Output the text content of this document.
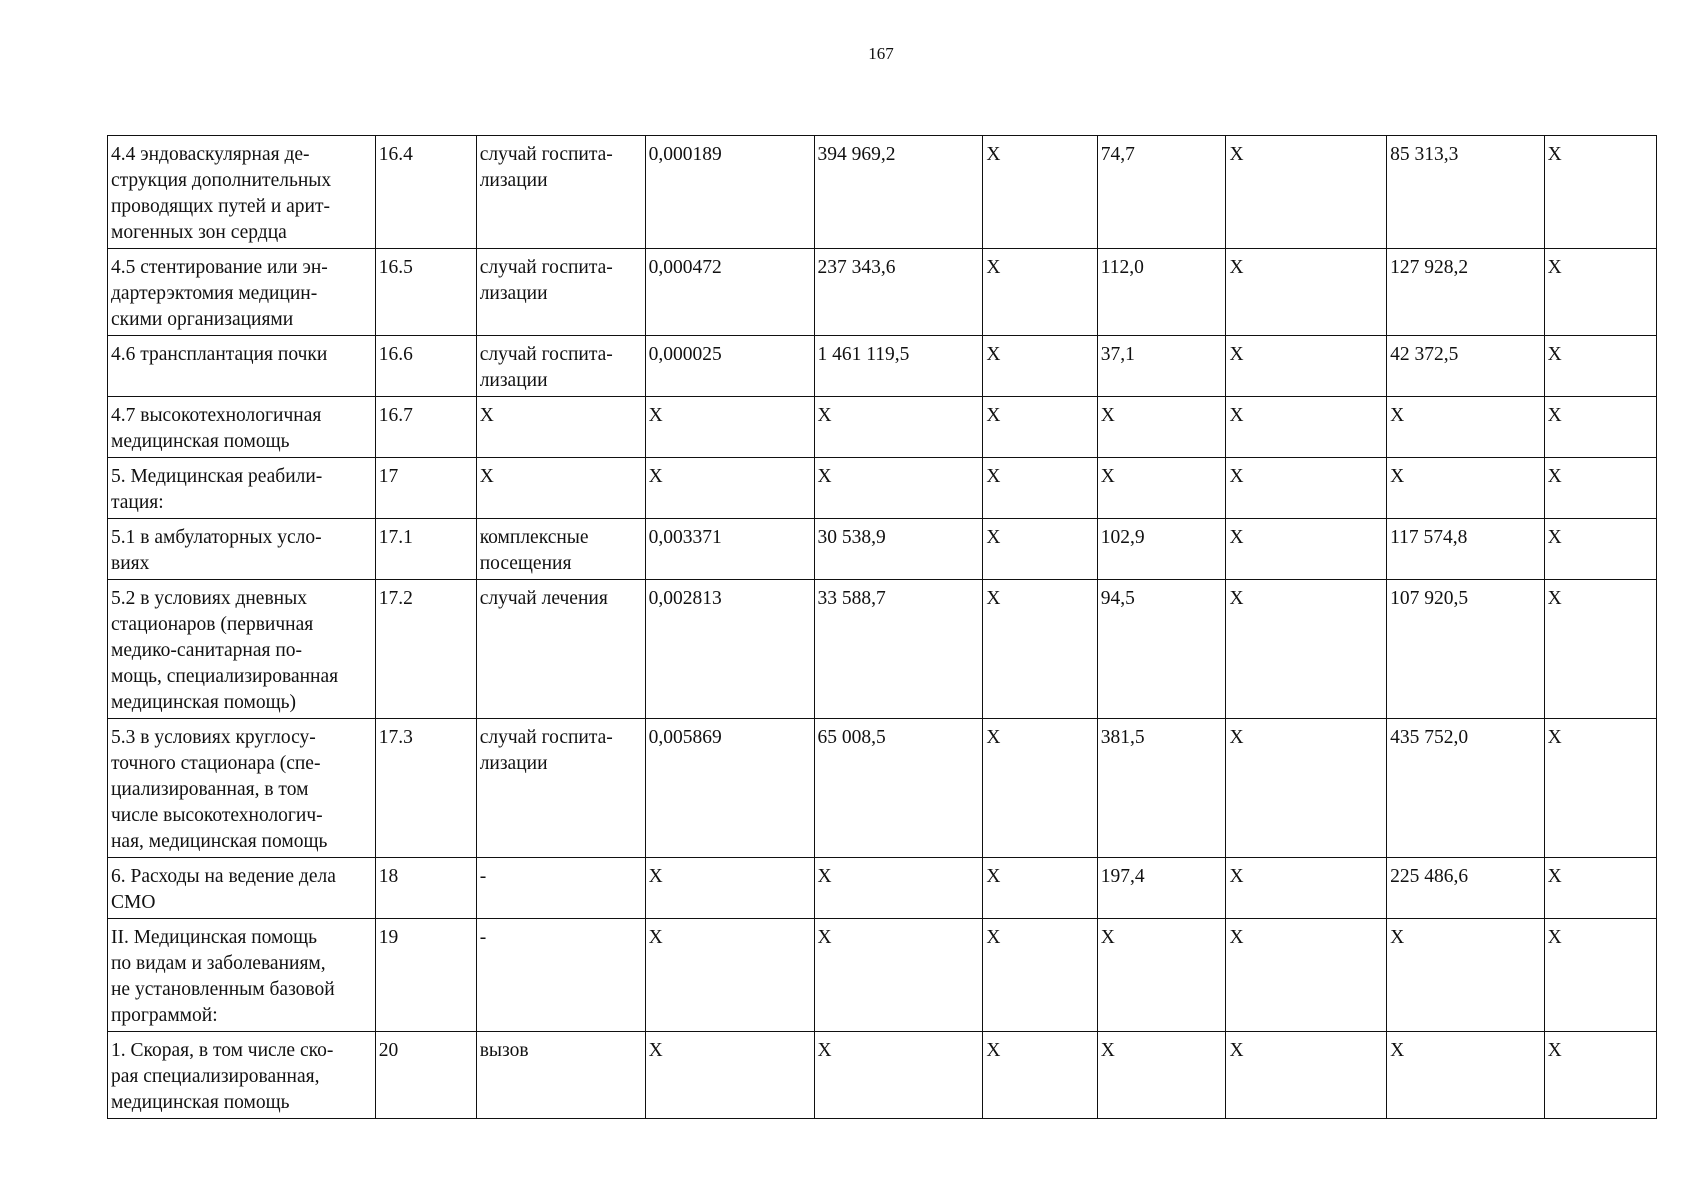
167
4.4 эндоваскулярная де-
струкция дополнительных
проводящих путей и арит-
могенных зон сердца	16.4	случай госпита-
лизации	0,000189	394 969,2	Х	74,7	Х	85 313,3	Х
4.5 стентирование или эн-
дартерэктомия медицин-
скими организациями	16.5	случай госпита-
лизации	0,000472	237 343,6	Х	112,0	Х	127 928,2	Х
4.6 трансплантация почки	16.6	случай госпита-
лизации	0,000025	1 461 119,5	Х	37,1	Х	42 372,5	Х
4.7 высокотехнологичная
медицинская помощь	16.7	Х	Х	Х	Х	Х	Х	Х	Х
5. Медицинская реабили-
тация:	17	Х	Х	Х	Х	Х	Х	Х	Х
5.1 в амбулаторных усло-
виях	17.1	комплексные
посещения	0,003371	30 538,9	Х	102,9	Х	117 574,8	Х
5.2 в условиях дневных
стационаров (первичная
медико-санитарная по-
мощь, специализированная
медицинская помощь)	17.2	случай лечения	0,002813	33 588,7	Х	94,5	Х	107 920,5	Х
5.3 в условиях круглосу-
точного стационара (спе-
циализированная, в том
числе высокотехнологич-
ная, медицинская помощь	17.3	случай госпита-
лизации	0,005869	65 008,5	Х	381,5	Х	435 752,0	Х
6. Расходы на ведение дела
СМО	18	-	Х	Х	Х	197,4	Х	225 486,6	Х
II. Медицинская помощь
по видам и заболеваниям,
не установленным базовой
программой:	19	-	Х	Х	Х	Х	Х	Х	Х
1. Скорая, в том числе ско-
рая специализированная,
медицинская помощь	20	вызов	Х	Х	Х	Х	Х	Х	Х
